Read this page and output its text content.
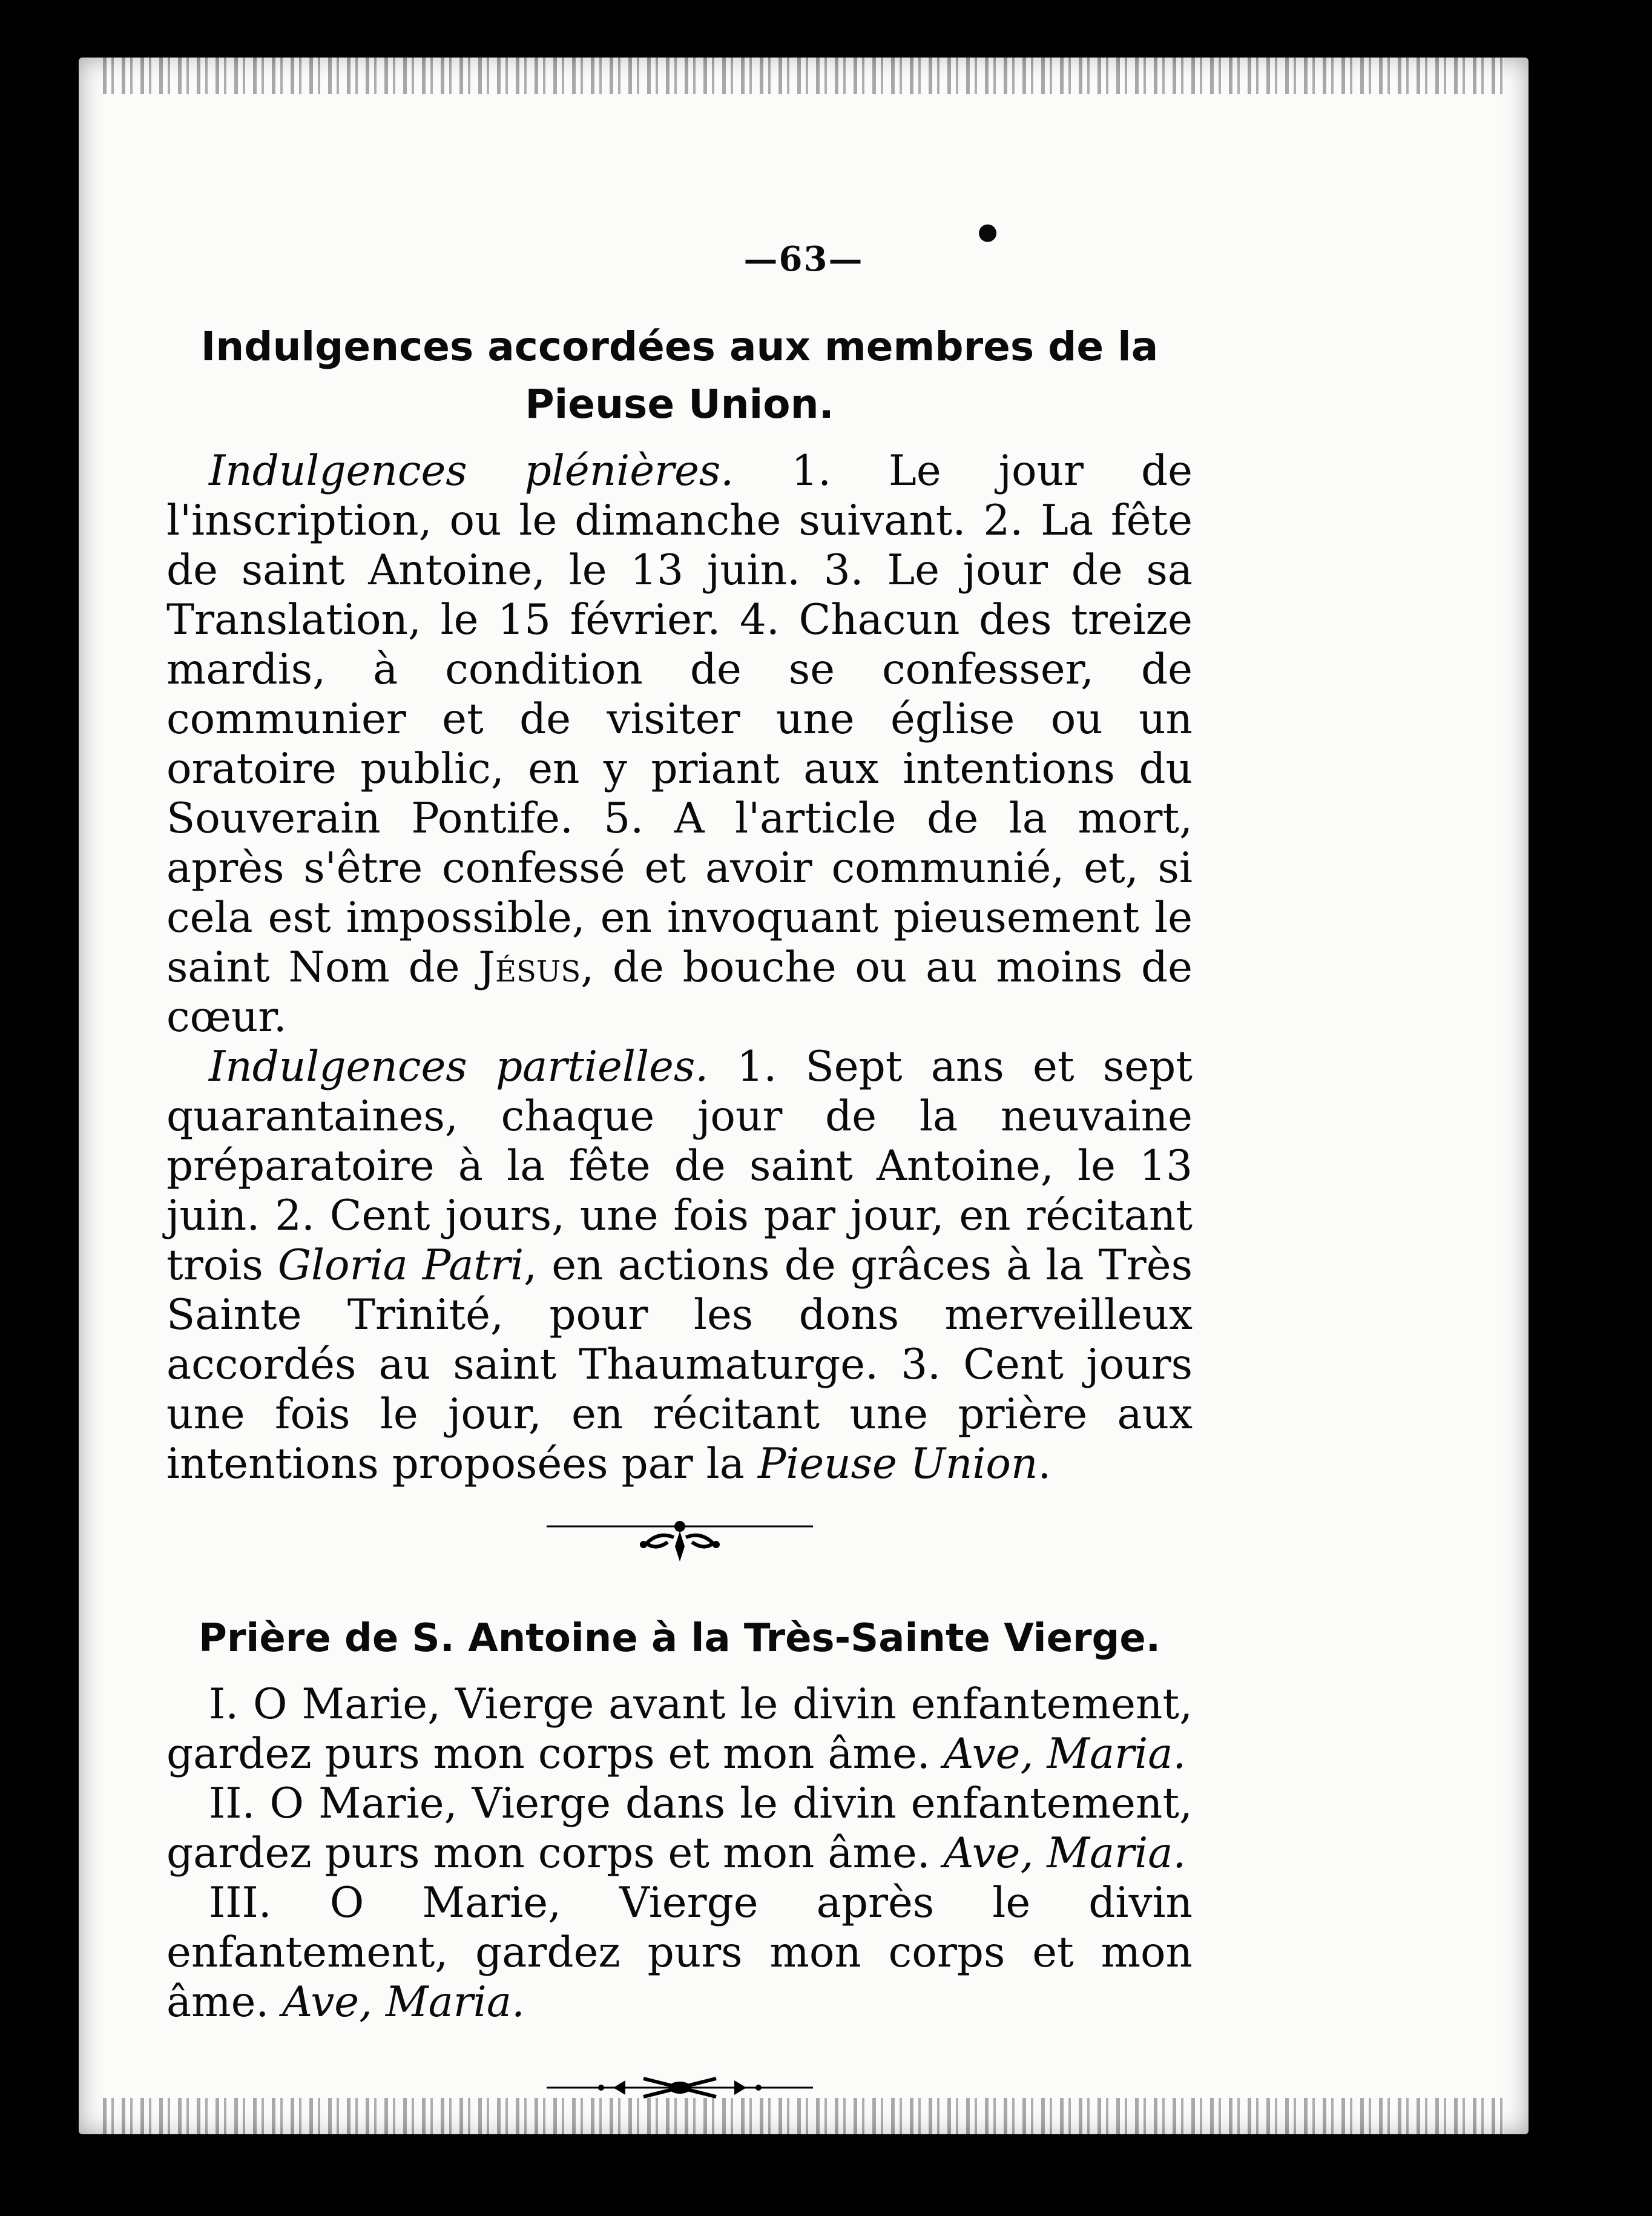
—63—
●
Indulgences accordées aux membres de la Pieuse Union.

Indulgences plénières. 1. Le jour de l'inscription, ou le dimanche suivant. 2. La fête de saint Antoine, le 13 juin. 3. Le jour de sa Translation, le 15 février. 4. Chacun des treize mardis, à condition de se confesser, de communier et de visiter une église ou un oratoire public, en y priant aux intentions du Souverain Pontife. 5. A l'article de la mort, après s'être confessé et avoir communié, et, si cela est impossible, en invoquant pieusement le saint Nom de Jésus, de bouche ou au moins de cœur.

Indulgences partielles. 1. Sept ans et sept quarantaines, chaque jour de la neuvaine préparatoire à la fête de saint Antoine, le 13 juin. 2. Cent jours, une fois par jour, en récitant trois Gloria Patri, en actions de grâces à la Très Sainte Trinité, pour les dons merveilleux accordés au saint Thaumaturge. 3. Cent jours une fois le jour, en récitant une prière aux intentions proposées par la Pieuse Union.

Prière de S. Antoine à la Très-Sainte Vierge.

I. O Marie, Vierge avant le divin enfantement, gardez purs mon corps et mon âme. Ave, Maria.

II. O Marie, Vierge dans le divin enfantement, gardez purs mon corps et mon âme. Ave, Maria.

III. O Marie, Vierge après le divin enfantement, gardez purs mon corps et mon âme. Ave, Maria.
